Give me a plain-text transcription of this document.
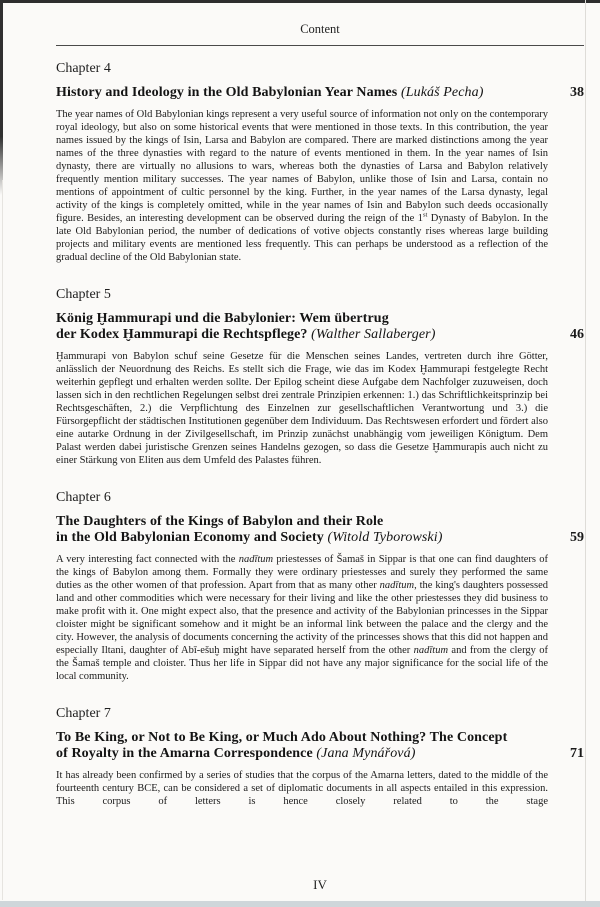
Content
Chapter 4
History and Ideology in the Old Babylonian Year Names (Lukáš Pecha)	38

The year names of Old Babylonian kings represent a very useful source of information not only on the contemporary royal ideology, but also on some historical events that were mentioned in those texts. In this contribution, the year names issued by the kings of Isin, Larsa and Babylon are compared. There are marked distinctions among the year names of the three dynasties with regard to the nature of events mentioned in them. In the year names of Isin dynasty, there are virtually no allusions to wars, whereas both the dynasties of Larsa and Babylon relatively frequently mention military successes. The year names of Babylon, unlike those of Isin and Larsa, contain no mentions of appointment of cultic personnel by the king. Further, in the year names of the Larsa dynasty, legal activity of the kings is completely omitted, while in the year names of Isin and Babylon such deeds occasionally figure. Besides, an interesting development can be observed during the reign of the 1st Dynasty of Babylon. In the late Old Babylonian period, the number of dedications of votive objects constantly rises whereas large building projects and military events are mentioned less frequently. This can perhaps be understood as a reflection of the gradual decline of the Old Babylonian state.

Chapter 5
König Ḫammurapi und die Babylonier: Wem übertrug
der Kodex Ḫammurapi die Rechtspflege? (Walther Sallaberger)	46

Ḫammurapi von Babylon schuf seine Gesetze für die Menschen seines Landes, vertreten durch ihre Götter, anlässlich der Neuordnung des Reichs. Es stellt sich die Frage, wie das im Kodex Ḫammurapi festgelegte Recht weiterhin gepflegt und erhalten werden sollte. Der Epilog scheint diese Aufgabe dem Nachfolger zuzuweisen, doch lassen sich in den rechtlichen Regelungen selbst drei zentrale Prinzipien erkennen: 1.) das Schriftlichkeitsprinzip bei Rechtsgeschäften, 2.) die Verpflichtung des Einzelnen zur gesellschaftlichen Verantwortung und 3.) die Fürsorgepflicht der städtischen Institutionen gegenüber dem Individuum. Das Rechtswesen erfordert und fördert also eine autarke Ordnung in der Zivilgesellschaft, im Prinzip zunächst unabhängig vom jeweiligen Königtum. Dem Palast werden dabei juristische Grenzen seines Handelns gezogen, so dass die Gesetze Ḫammurapis auch nicht zu einer Stärkung von Eliten aus dem Umfeld des Palastes führen.

Chapter 6
The Daughters of the Kings of Babylon and their Role
in the Old Babylonian Economy and Society (Witold Tyborowski)	59

A very interesting fact connected with the nadītum priestesses of Šamaš in Sippar is that one can find daughters of the kings of Babylon among them. Formally they were ordinary priestesses and surely they performed the same duties as the other women of that profession. Apart from that as many other nadītum, the king's daughters possessed land and other commodities which were necessary for their living and like the other priestesses they did business to make profit with it. One might expect also, that the presence and activity of the Babylonian princesses in the Sippar cloister might be significant somehow and it might be an informal link between the palace and the clergy and the city. However, the analysis of documents concerning the activity of the princesses shows that this did not happen and especially Iltani, daughter of Abī-ešuḫ might have separated herself from the other nadītum and from the clergy of the Šamaš temple and cloister. Thus her life in Sippar did not have any major significance for the social life of the local community.

Chapter 7
To Be King, or Not to Be King, or Much Ado About Nothing? The Concept
of Royalty in the Amarna Correspondence (Jana Mynářová)	71

It has already been confirmed by a series of studies that the corpus of the Amarna letters, dated to the middle of the fourteenth century BCE, can be considered a set of diplomatic documents in all aspects entailed in this expression. This corpus of letters is hence closely related to the stage

IV
